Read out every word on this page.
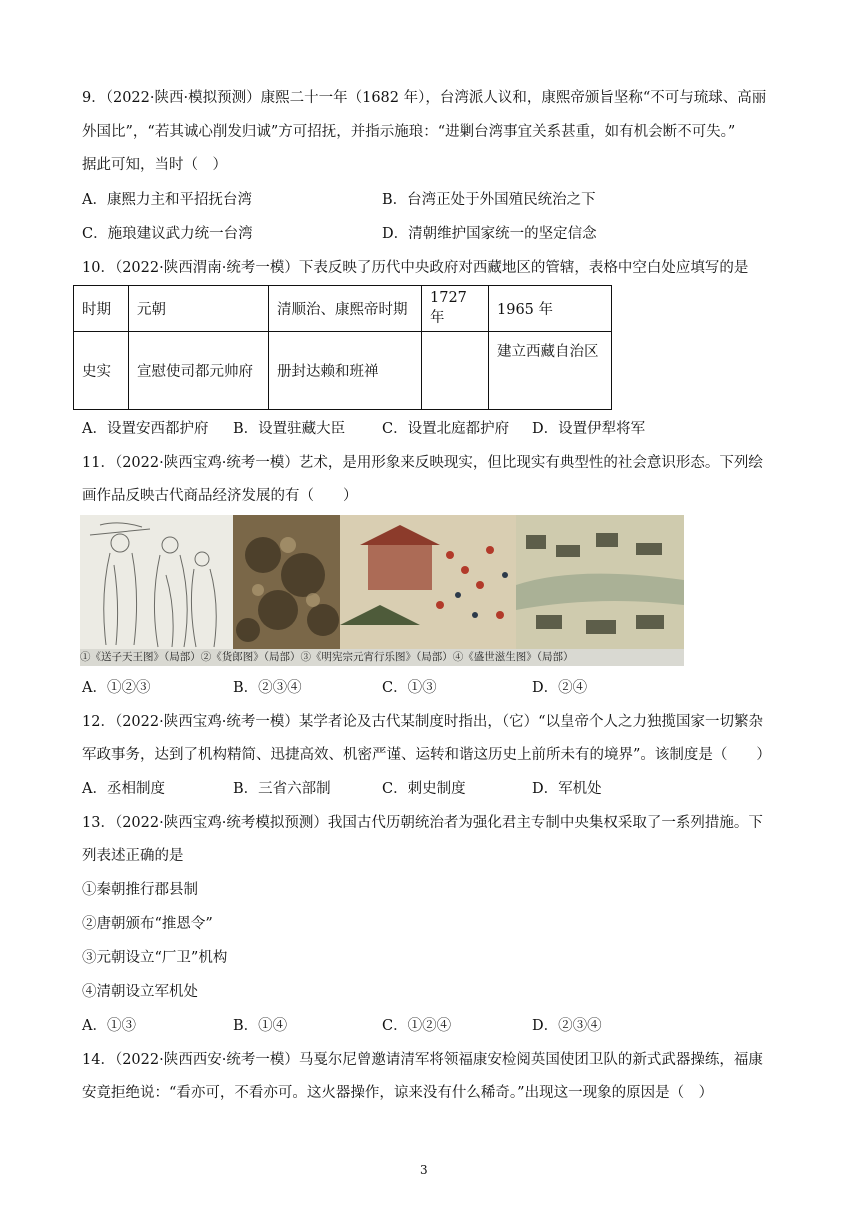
9．（2022·陕西·模拟预测）康熙二十一年（1682 年），台湾派人议和，康熙帝颁旨坚称“不可与琉球、高丽
外国比”，“若其诚心削发归诚”方可招抚，并指示施琅：“进剿台湾事宜关系甚重，如有机会断不可失。”
据此可知，当时（　）
A．康熙力主和平招抚台湾	B．台湾正处于外国殖民统治之下
C．施琅建议武力统一台湾	D．清朝维护国家统一的坚定信念
10．（2022·陕西渭南·统考一模）下表反映了历代中央政府对西藏地区的管辖，表格中空白处应填写的是
时期	元朝	清顺治、康熙帝时期	1727 年	1965 年
史实	宣慰使司都元帅府	册封达赖和班禅		建立西藏自治区
A．设置安西都护府 B．设置驻藏大臣	C．设置北庭都护府 D．设置伊犁将军
11．（2022·陕西宝鸡·统考一模）艺术，是用形象来反映现实，但比现实有典型性的社会意识形态。下列绘
画作品反映古代商品经济发展的有（　　）
①《送子天王图》（局部）②《货郎图》（局部）③《明宪宗元宵行乐图》（局部）④《盛世滋生图》（局部）
A．①②③	B．②③④	C．①③	D．②④
12．（2022·陕西宝鸡·统考一模）某学者论及古代某制度时指出，（它）“以皇帝个人之力独揽国家一切繁杂
军政事务，达到了机构精简、迅捷高效、机密严谨、运转和谐这历史上前所未有的境界”。该制度是（　　）
A．丞相制度	B．三省六部制	C．刺史制度	D．军机处
13．（2022·陕西宝鸡·统考模拟预测）我国古代历朝统治者为强化君主专制中央集权采取了一系列措施。下
列表述正确的是
①秦朝推行郡县制
②唐朝颁布“推恩令”
③元朝设立“厂卫”机构
④清朝设立军机处
A．①③	B．①④	C．①②④	D．②③④
14．（2022·陕西西安·统考一模）马戛尔尼曾邀请清军将领福康安检阅英国使团卫队的新式武器操练，福康
安竟拒绝说：“看亦可，不看亦可。这火器操作，谅来没有什么稀奇。”出现这一现象的原因是（　）
3
